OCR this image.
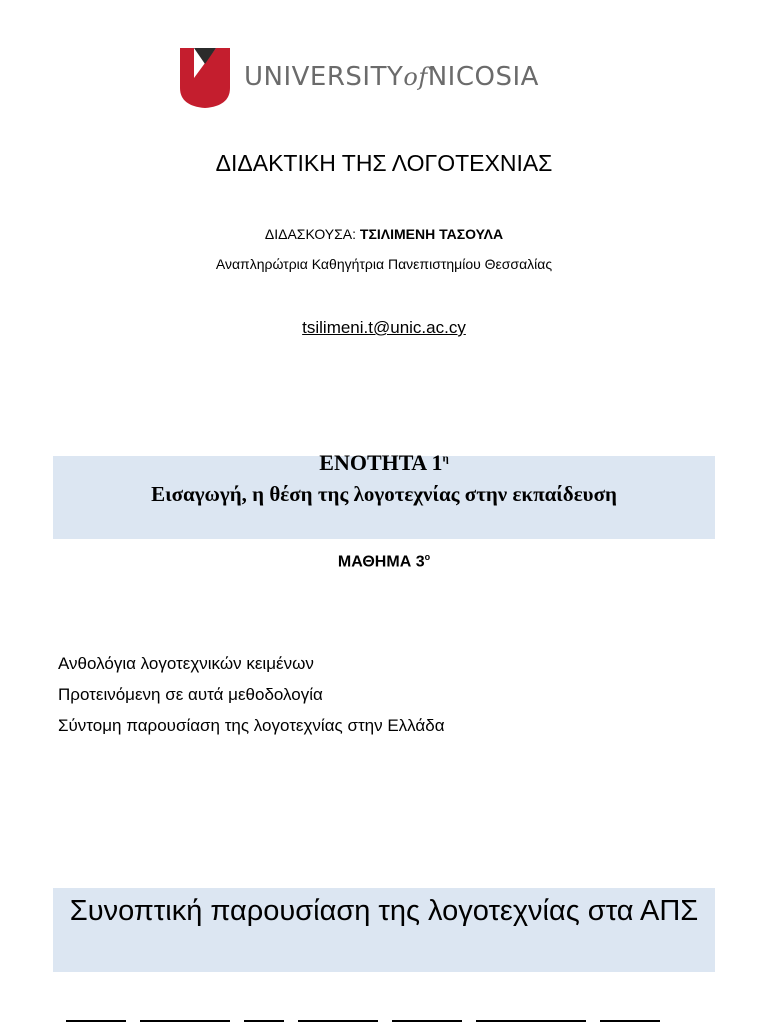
UNIVERSITYofNICOSIA
ΔΙΔΑΚΤΙΚΗ ΤΗΣ ΛΟΓΟΤΕΧΝΙΑΣ
ΔΙΔΑΣΚΟΥΣΑ: ΤΣΙΛΙΜΕΝΗ ΤΑΣΟΥΛΑ
Αναπληρώτρια Καθηγήτρια Πανεπιστημίου Θεσσαλίας
tsilimeni.t@unic.ac.cy
ΕΝΟΤΗΤΑ $1^\eta$
Εισαγωγή, η θέση της λογοτεχνίας στην εκπαίδευση
ΜΑΘΗΜΑ $3^o$
Ανθολόγια λογοτεχνικών κειμένων
Προτεινόμενη σε αυτά μεθοδολογία
Σύντομη παρουσίαση της λογοτεχνίας στην Ελλάδα
Συνοπτική παρουσίαση της λογοτεχνίας στα ΑΠΣ
